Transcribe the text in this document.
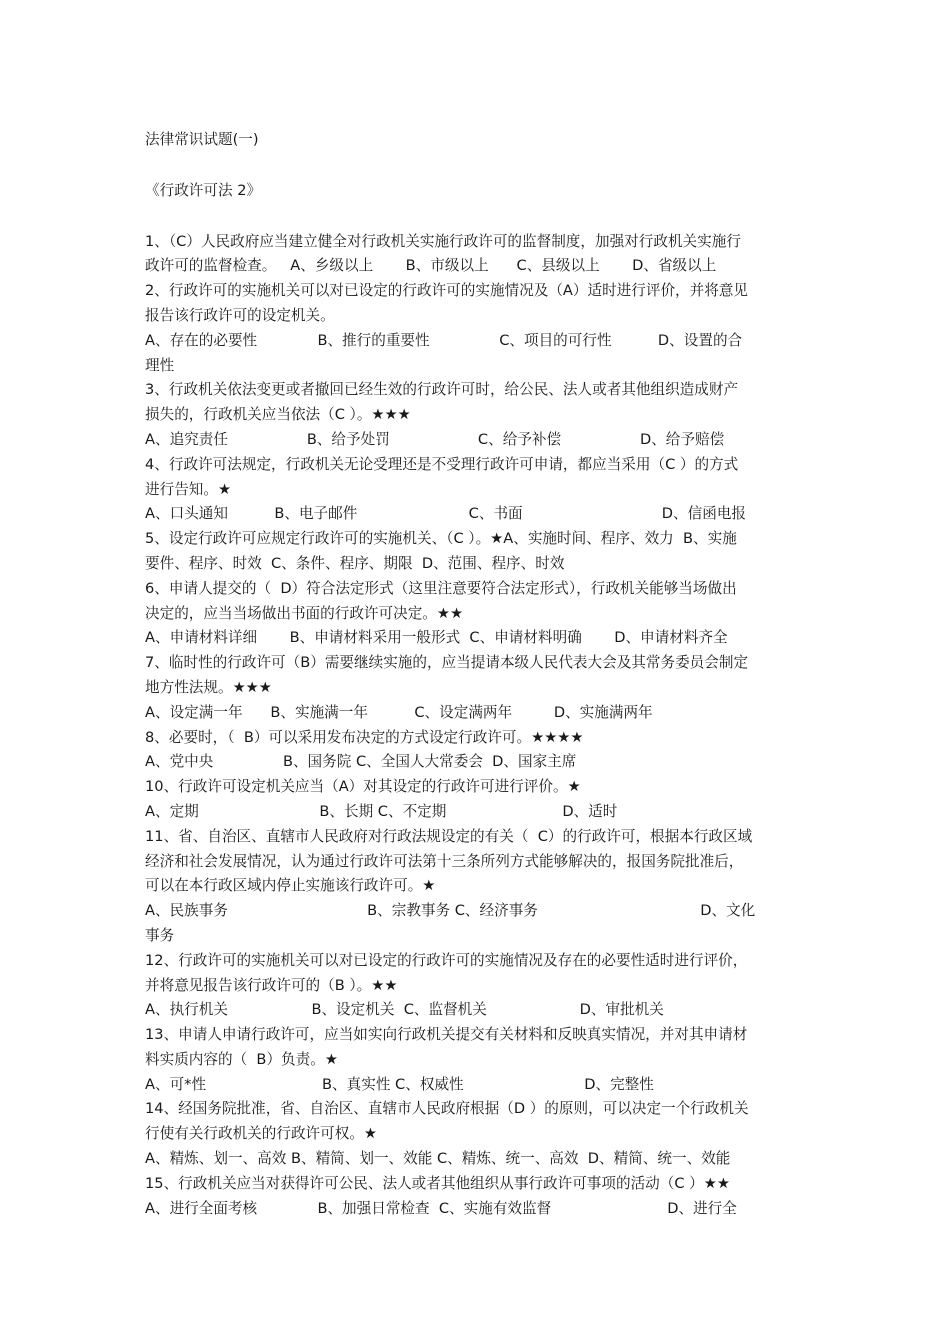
法律常识试题(一)
《行政许可法 2》
1、（C）人民政府应当建立健全对行政机关实施行政许可的监督制度，加强对行政机关实施行
政许可的监督检查。   A、乡级以上       B、市级以上      C、县级以上       D、省级以上
2、行政许可的实施机关可以对已设定的行政许可的实施情况及（A）适时进行评价，并将意见
报告该行政许可的设定机关。
A、存在的必要性             B、推行的重要性               C、项目的可行性          D、设置的合
理性
3、行政机关依法变更或者撤回已经生效的行政许可时，给公民、法人或者其他组织造成财产
损失的，行政机关应当依法（C ）。★★★
A、追究责任                 B、给予处罚                   C、给予补偿                 D、给予赔偿
4、行政许可法规定，行政机关无论受理还是不受理行政许可申请，都应当采用（C ）的方式
进行告知。★
A、口头通知          B、电子邮件                        C、书面                              D、信函电报
5、设定行政许可应规定行政许可的实施机关、（C ）。★A、实施时间、程序、效力  B、实施
要件、程序、时效  C、条件、程序、期限  D、范围、程序、时效
6、申请人提交的（  D）符合法定形式（这里注意要符合法定形式），行政机关能够当场做出
决定的，应当当场做出书面的行政许可决定。★★
A、申请材料详细       B、申请材料采用一般形式  C、申请材料明确       D、申请材料齐全
7、临时性的行政许可（B）需要继续实施的，应当提请本级人民代表大会及其常务委员会制定
地方性法规。★★★
A、设定满一年      B、实施满一年          C、设定满两年         D、实施满两年
8、必要时，（  B）可以采用发布决定的方式设定行政许可。★★★★
A、党中央               B、国务院 C、全国人大常委会  D、国家主席
10、行政许可设定机关应当（A）对其设定的行政许可进行评价。★
A、定期                          B、长期 C、不定期                         D、适时
11、省、自治区、直辖市人民政府对行政法规设定的有关（  C）的行政许可，根据本行政区域
经济和社会发展情况，认为通过行政许可法第十三条所列方式能够解决的，报国务院批准后，
可以在本行政区域内停止实施该行政许可。★
A、民族事务                              B、宗教事务 C、经济事务                                   D、文化
事务
12、行政许可的实施机关可以对已设定的行政许可的实施情况及存在的必要性适时进行评价，
并将意见报告该行政许可的（B ）。★★
A、执行机关                  B、设定机关  C、监督机关                    D、审批机关
13、申请人申请行政许可，应当如实向行政机关提交有关材料和反映真实情况，并对其申请材
料实质内容的（  B）负责。★
A、可*性                         B、真实性 C、权威性                          D、完整性
14、经国务院批准，省、自治区、直辖市人民政府根据（D ）的原则，可以决定一个行政机关
行使有关行政机关的行政许可权。★
A、精炼、划一、高效 B、精简、划一、效能 C、精炼、统一、高效  D、精简、统一、效能
15、行政机关应当对获得许可公民、法人或者其他组织从事行政许可事项的活动（C ）★★
A、进行全面考核             B、加强日常检查  C、实施有效监督                         D、进行全
